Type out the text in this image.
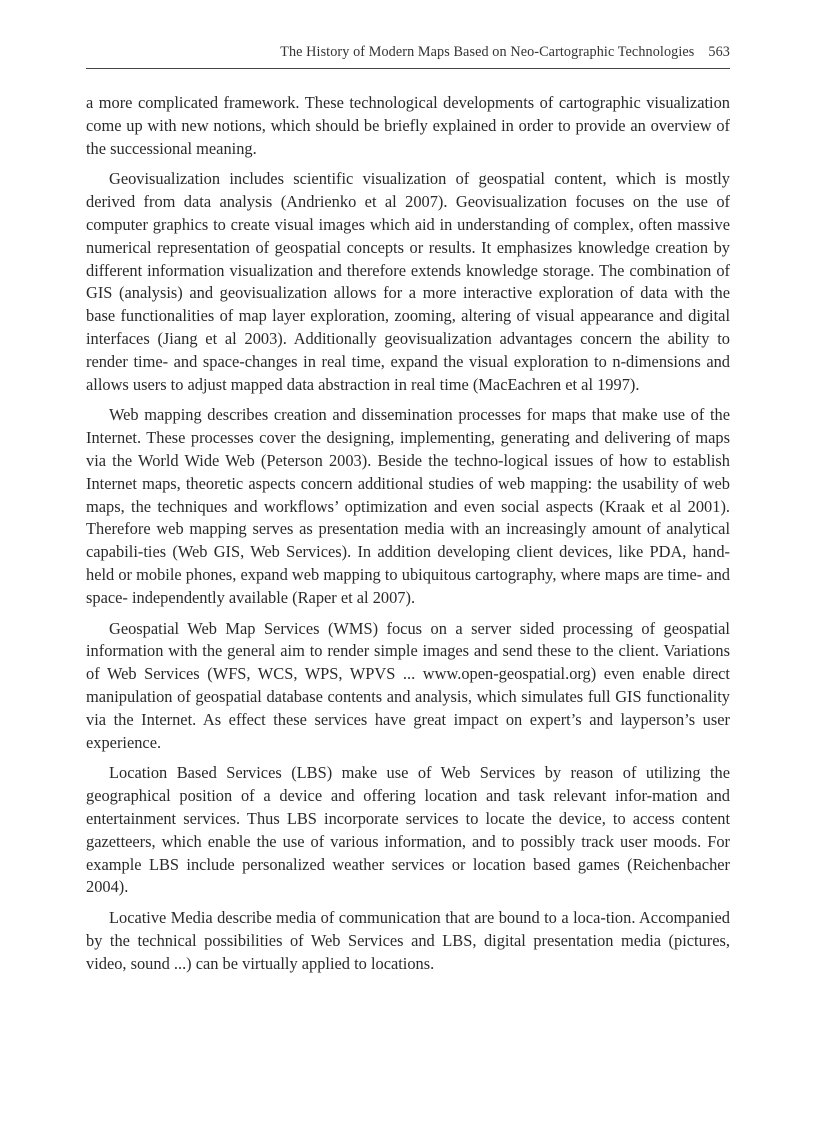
The History of Modern Maps Based on Neo-Cartographic Technologies 563

a more complicated framework. These technological developments of cartographic visualization come up with new notions, which should be briefly explained in order to provide an overview of the successional meaning.

Geovisualization includes scientific visualization of geospatial content, which is mostly derived from data analysis (Andrienko et al 2007). Geovisualization focuses on the use of computer graphics to create visual images which aid in understanding of complex, often massive numerical representation of geospatial concepts or results. It emphasizes knowledge creation by different information visualization and therefore extends knowledge storage. The combination of GIS (analysis) and geovisualization allows for a more interactive exploration of data with the base functionalities of map layer exploration, zooming, altering of visual appearance and digital interfaces (Jiang et al 2003). Additionally geovisualization advantages concern the ability to render time- and space-changes in real time, expand the visual exploration to n-dimensions and allows users to adjust mapped data abstraction in real time (MacEachren et al 1997).

Web mapping describes creation and dissemination processes for maps that make use of the Internet. These processes cover the designing, implementing, generating and delivering of maps via the World Wide Web (Peterson 2003). Beside the techno-logical issues of how to establish Internet maps, theoretic aspects concern additional studies of web mapping: the usability of web maps, the techniques and workflows’ optimization and even social aspects (Kraak et al 2001). Therefore web mapping serves as presentation media with an increasingly amount of analytical capabili-ties (Web GIS, Web Services). In addition developing client devices, like PDA, hand-held or mobile phones, expand web mapping to ubiquitous cartography, where maps are time- and space- independently available (Raper et al 2007).

Geospatial Web Map Services (WMS) focus on a server sided processing of geospatial information with the general aim to render simple images and send these to the client. Variations of Web Services (WFS, WCS, WPS, WPVS ... www.open-geospatial.org) even enable direct manipulation of geospatial database contents and analysis, which simulates full GIS functionality via the Internet. As effect these services have great impact on expert’s and layperson’s user experience.

Location Based Services (LBS) make use of Web Services by reason of utilizing the geographical position of a device and offering location and task relevant infor-mation and entertainment services. Thus LBS incorporate services to locate the device, to access content gazetteers, which enable the use of various information, and to possibly track user moods. For example LBS include personalized weather services or location based games (Reichenbacher 2004).

Locative Media describe media of communication that are bound to a loca-tion. Accompanied by the technical possibilities of Web Services and LBS, digital presentation media (pictures, video, sound ...) can be virtually applied to locations.
